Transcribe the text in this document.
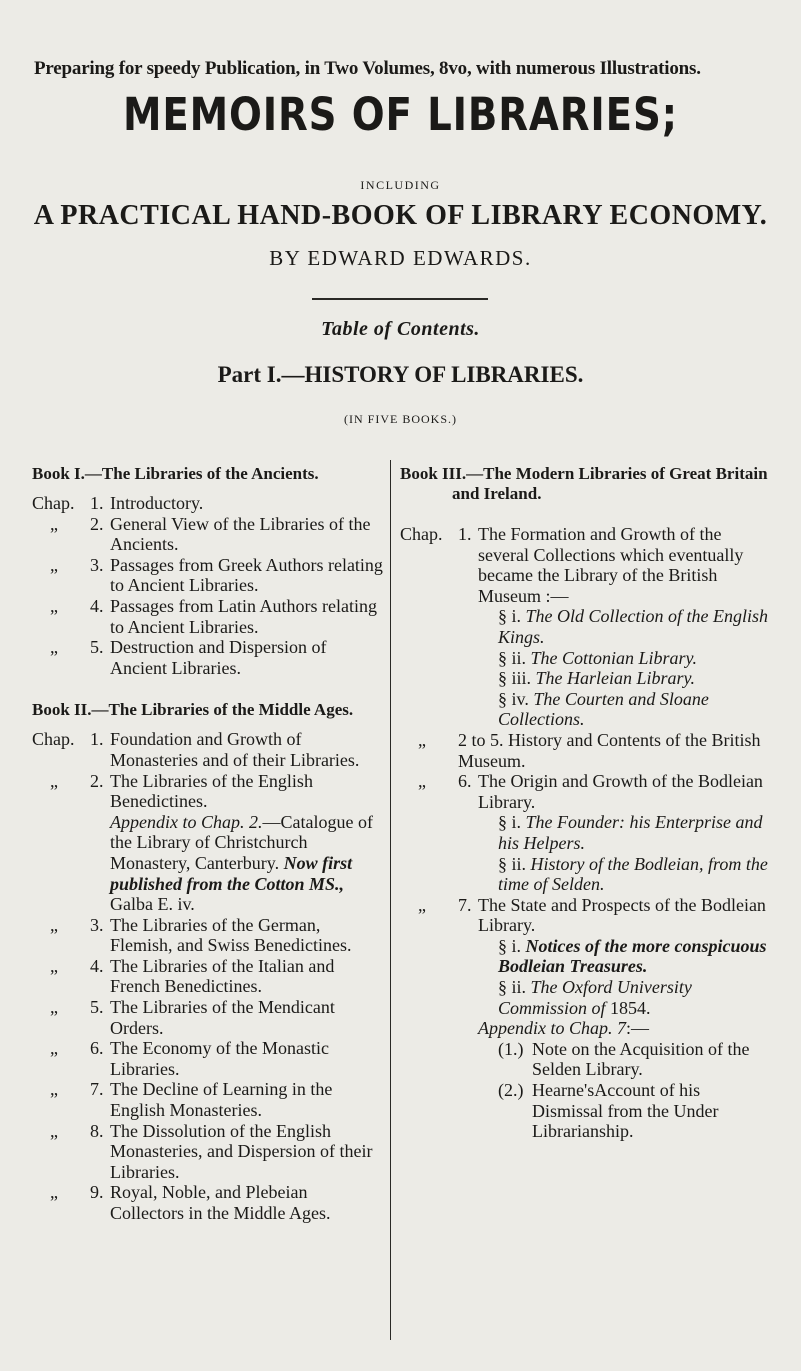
Preparing for speedy Publication, in Two Volumes, 8vo, with numerous Illustrations.
MEMOIRS OF LIBRARIES;
INCLUDING
A PRACTICAL HAND-BOOK OF LIBRARY ECONOMY.
BY EDWARD EDWARDS.
Table of Contents.
Part I.—HISTORY OF LIBRARIES.
(IN FIVE BOOKS.)
Book I.—The Libraries of the Ancients.
Chap. 1. Introductory.
„	2. General View of the Libraries of the Ancients.
„	3. Passages from Greek Authors relating to Ancient Libraries.
„	4. Passages from Latin Authors relating to Ancient Libraries.
„	5. Destruction and Dispersion of Ancient Libraries.
Book II.—The Libraries of the Middle Ages.
Chap. 1. Foundation and Growth of Monasteries and of their Libraries.
„	2. The Libraries of the English Benedictines.
Appendix to Chap. 2.—Catalogue of the Library of Christchurch Monastery, Canterbury. Now first published from the Cotton MS., Galba E. iv.
„	3. The Libraries of the German, Flemish, and Swiss Benedictines.
„	4. The Libraries of the Italian and French Benedictines.
„	5. The Libraries of the Mendicant Orders.
„	6. The Economy of the Monastic Libraries.
„	7. The Decline of Learning in the English Monasteries.
„	8. The Dissolution of the English Monasteries, and Dispersion of their Libraries.
„	9. Royal, Noble, and Plebeian Collectors in the Middle Ages.
Book III.—The Modern Libraries of Great Britain and Ireland.
Chap. 1. The Formation and Growth of the several Collections which eventually became the Library of the British Museum :—
§ i. The Old Collection of the English Kings.
§ ii. The Cottonian Library.
§ iii. The Harleian Library.
§ iv. The Courten and Sloane Collections.
„	2 to 5. History and Contents of the British Museum.
„	6. The Origin and Growth of the Bodleian Library.
§ i. The Founder: his Enterprise and his Helpers.
§ ii. History of the Bodleian, from the time of Selden.
„	7. The State and Prospects of the Bodleian Library.
§ i. Notices of the more conspicuous Bodleian Treasures.
§ ii. The Oxford University Commission of 1854.
Appendix to Chap. 7:—
(1.) Note on the Acquisition of the Selden Library.
(2.) Hearne'sAccount of his Dismissal from the Under Librarianship.
